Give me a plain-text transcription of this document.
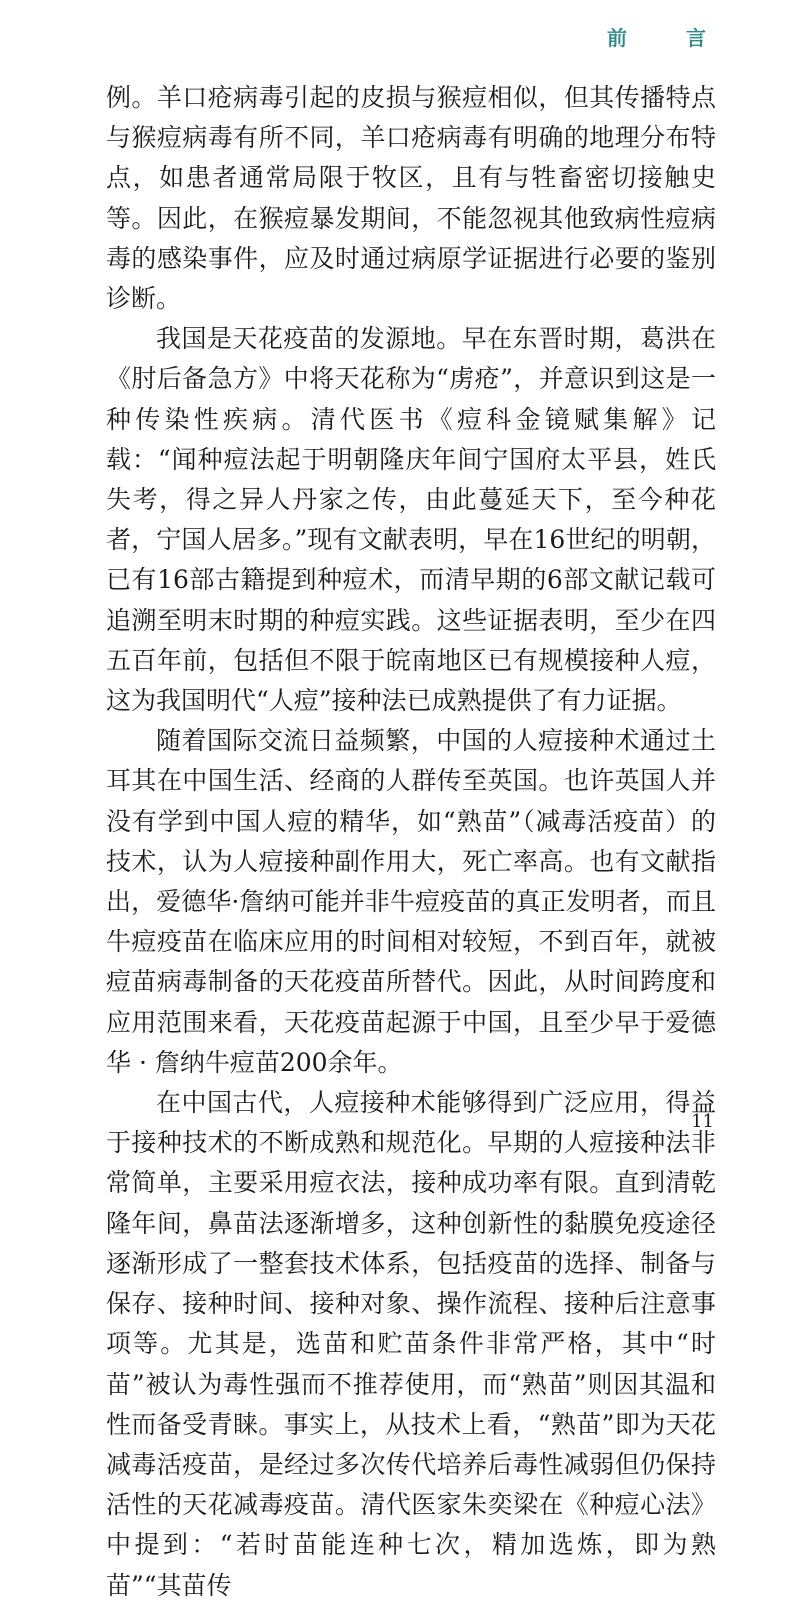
前 言

例。羊口疮病毒引起的皮损与猴痘相似，但其传播特点与猴痘病毒有所不同，羊口疮病毒有明确的地理分布特点，如患者通常局限于牧区，且有与牲畜密切接触史等。因此，在猴痘暴发期间，不能忽视其他致病性痘病毒的感染事件，应及时通过病原学证据进行必要的鉴别诊断。

我国是天花疫苗的发源地。早在东晋时期，葛洪在《肘后备急方》中将天花称为“虏疮”，并意识到这是一种传染性疾病。清代医书《痘科金镜赋集解》记载：“闻种痘法起于明朝隆庆年间宁国府太平县，姓氏失考，得之异人丹家之传，由此蔓延天下，至今种花者，宁国人居多。”现有文献表明，早在16世纪的明朝，已有16部古籍提到种痘术，而清早期的6部文献记载可追溯至明末时期的种痘实践。这些证据表明，至少在四五百年前，包括但不限于皖南地区已有规模接种人痘，这为我国明代“人痘”接种法已成熟提供了有力证据。

随着国际交流日益频繁，中国的人痘接种术通过土耳其在中国生活、经商的人群传至英国。也许英国人并没有学到中国人痘的精华，如“熟苗”（减毒活疫苗）的技术，认为人痘接种副作用大，死亡率高。也有文献指出，爱德华·詹纳可能并非牛痘疫苗的真正发明者，而且牛痘疫苗在临床应用的时间相对较短，不到百年，就被痘苗病毒制备的天花疫苗所替代。因此，从时间跨度和应用范围来看，天花疫苗起源于中国，且至少早于爱德华 · 詹纳牛痘苗200余年。

在中国古代，人痘接种术能够得到广泛应用，得益于接种技术的不断成熟和规范化。早期的人痘接种法非常简单，主要采用痘衣法，接种成功率有限。直到清乾隆年间，鼻苗法逐渐增多，这种创新性的黏膜免疫途径逐渐形成了一整套技术体系，包括疫苗的选择、制备与保存、接种时间、接种对象、操作流程、接种后注意事项等。尤其是，选苗和贮苗条件非常严格，其中“时苗”被认为毒性强而不推荐使用，而“熟苗”则因其温和性而备受青睐。事实上，从技术上看，“熟苗”即为天花减毒活疫苗，是经过多次传代培养后毒性减弱但仍保持活性的天花减毒疫苗。清代医家朱奕梁在《种痘心法》中提到：“若时苗能连种七次，精加选炼，即为熟苗”“其苗传

11
